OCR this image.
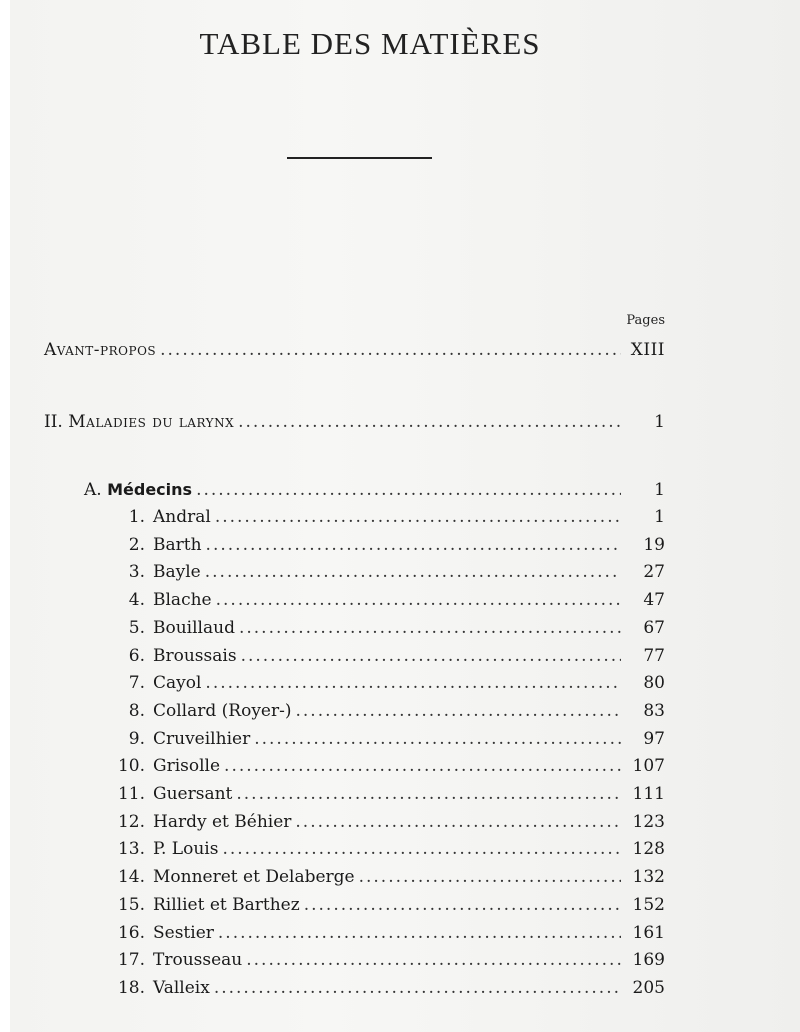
TABLE DES MATIÈRES
Pages
Avant-propos .....	XIII
II. Maladies du larynx .....	1
A. Médecins .....	1
1. Andral .....	1
2. Barth .....	19
3. Bayle .....	27
4. Blache .....	47
5. Bouillaud .....	67
6. Broussais .....	77
7. Cayol .....	80
8. Collard (Royer-) .....	83
9. Cruveilhier .....	97
10. Grisolle .....	107
11. Guersant .....	111
12. Hardy et Béhier .....	123
13. P. Louis .....	128
14. Monneret et Delaberge .....	132
15. Rilliet et Barthez .....	152
16. Sestier .....	161
17. Trousseau .....	169
18. Valleix .....	205
